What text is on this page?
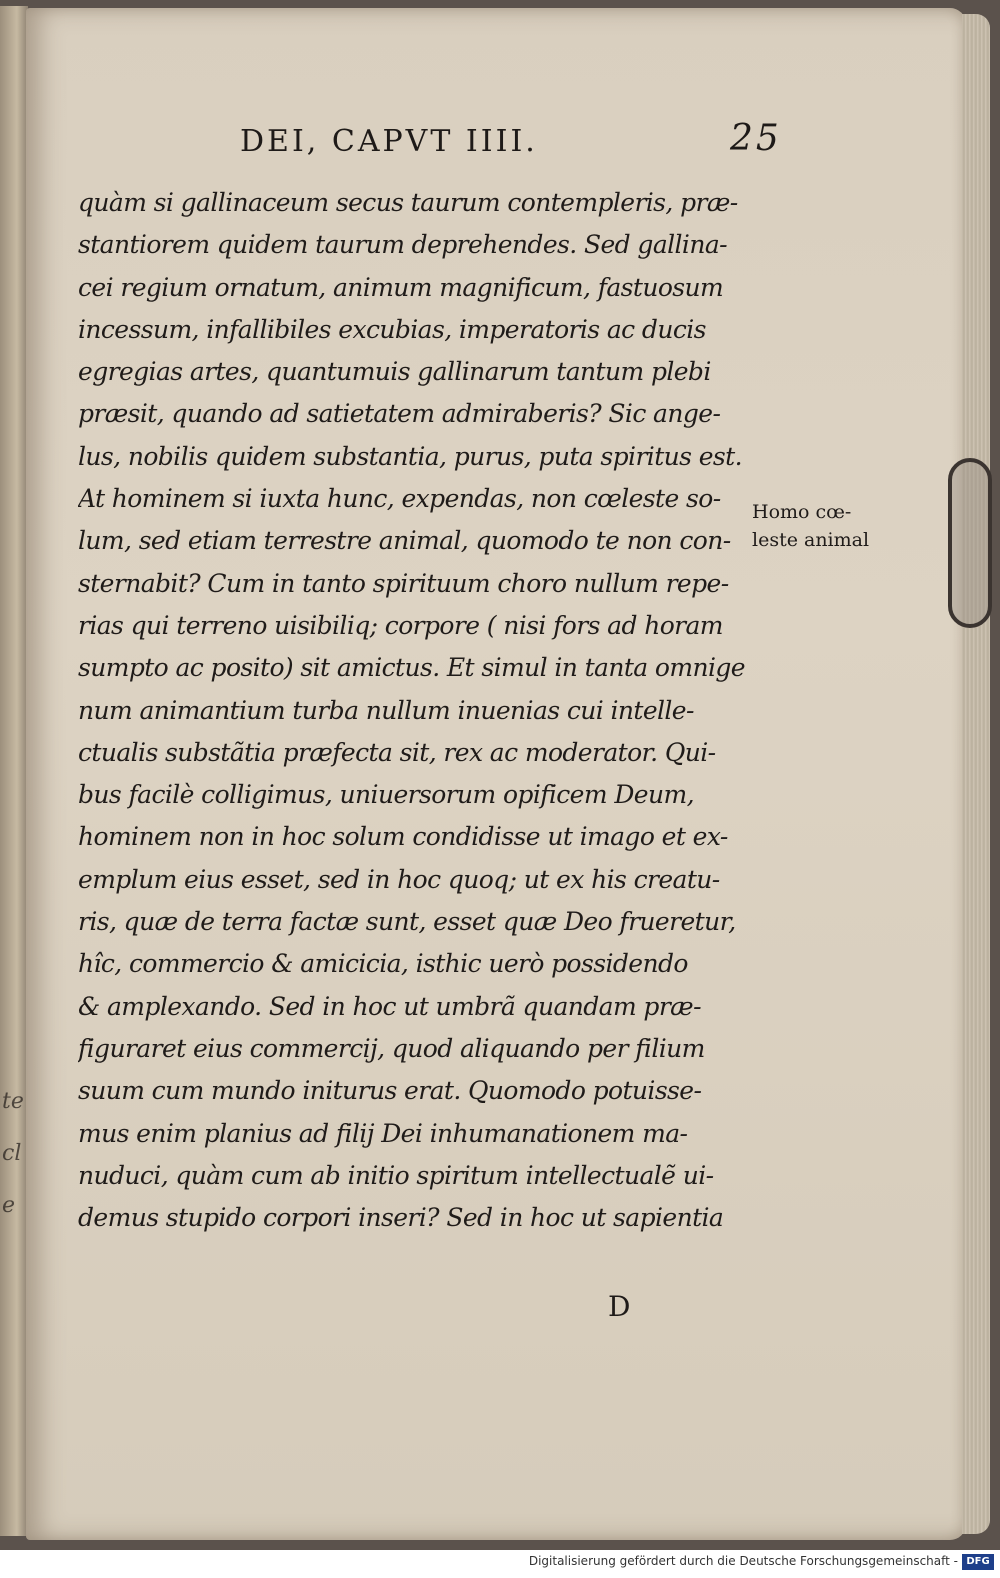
tecle
DEI, CAPVT IIII.	25
quàm si gallinaceum secus taurum contempleris, præ-
stantiorem quidem taurum deprehendes. Sed gallina-
cei regium ornatum, animum magnificum, fastuosum
incessum, infallibiles excubias, imperatoris ac ducis
egregias artes, quantumuis gallinarum tantum plebi
præsit, quando ad satietatem admiraberis? Sic ange-
lus, nobilis quidem substantia, purus, puta spiritus est.
At hominem si iuxta hunc, expendas, non cœleste so-
lum, sed etiam terrestre animal, quomodo te non con-
sternabit? Cum in tanto spirituum choro nullum repe-
rias qui terreno uisibiliq; corpore ( nisi fors ad horam
sumpto ac posito) sit amictus. Et simul in tanta omnige
num animantium turba nullum inuenias cui intelle-
ctualis substãtia præfecta sit, rex ac moderator. Qui-
bus facilè colligimus, uniuersorum opificem Deum,
hominem non in hoc solum condidisse ut imago et ex-
emplum eius esset, sed in hoc quoq; ut ex his creatu-
ris, quæ de terra factæ sunt, esset quæ Deo frueretur,
hîc, commercio & amicicia, isthic uerò possidendo
& amplexando. Sed in hoc ut umbrã quandam præ-
figuraret eius commercij, quod aliquando per filium
suum cum mundo initurus erat. Quomodo potuisse-
mus enim planius ad filij Dei inhumanationem ma-
nuduci, quàm cum ab initio spiritum intellectualẽ ui-
demus stupido corpori inseri? Sed in hoc ut sapientia
Homo cœ-
leste animal
D
Digitalisierung gefördert durch die Deutsche Forschungsgemeinschaft - DFG
